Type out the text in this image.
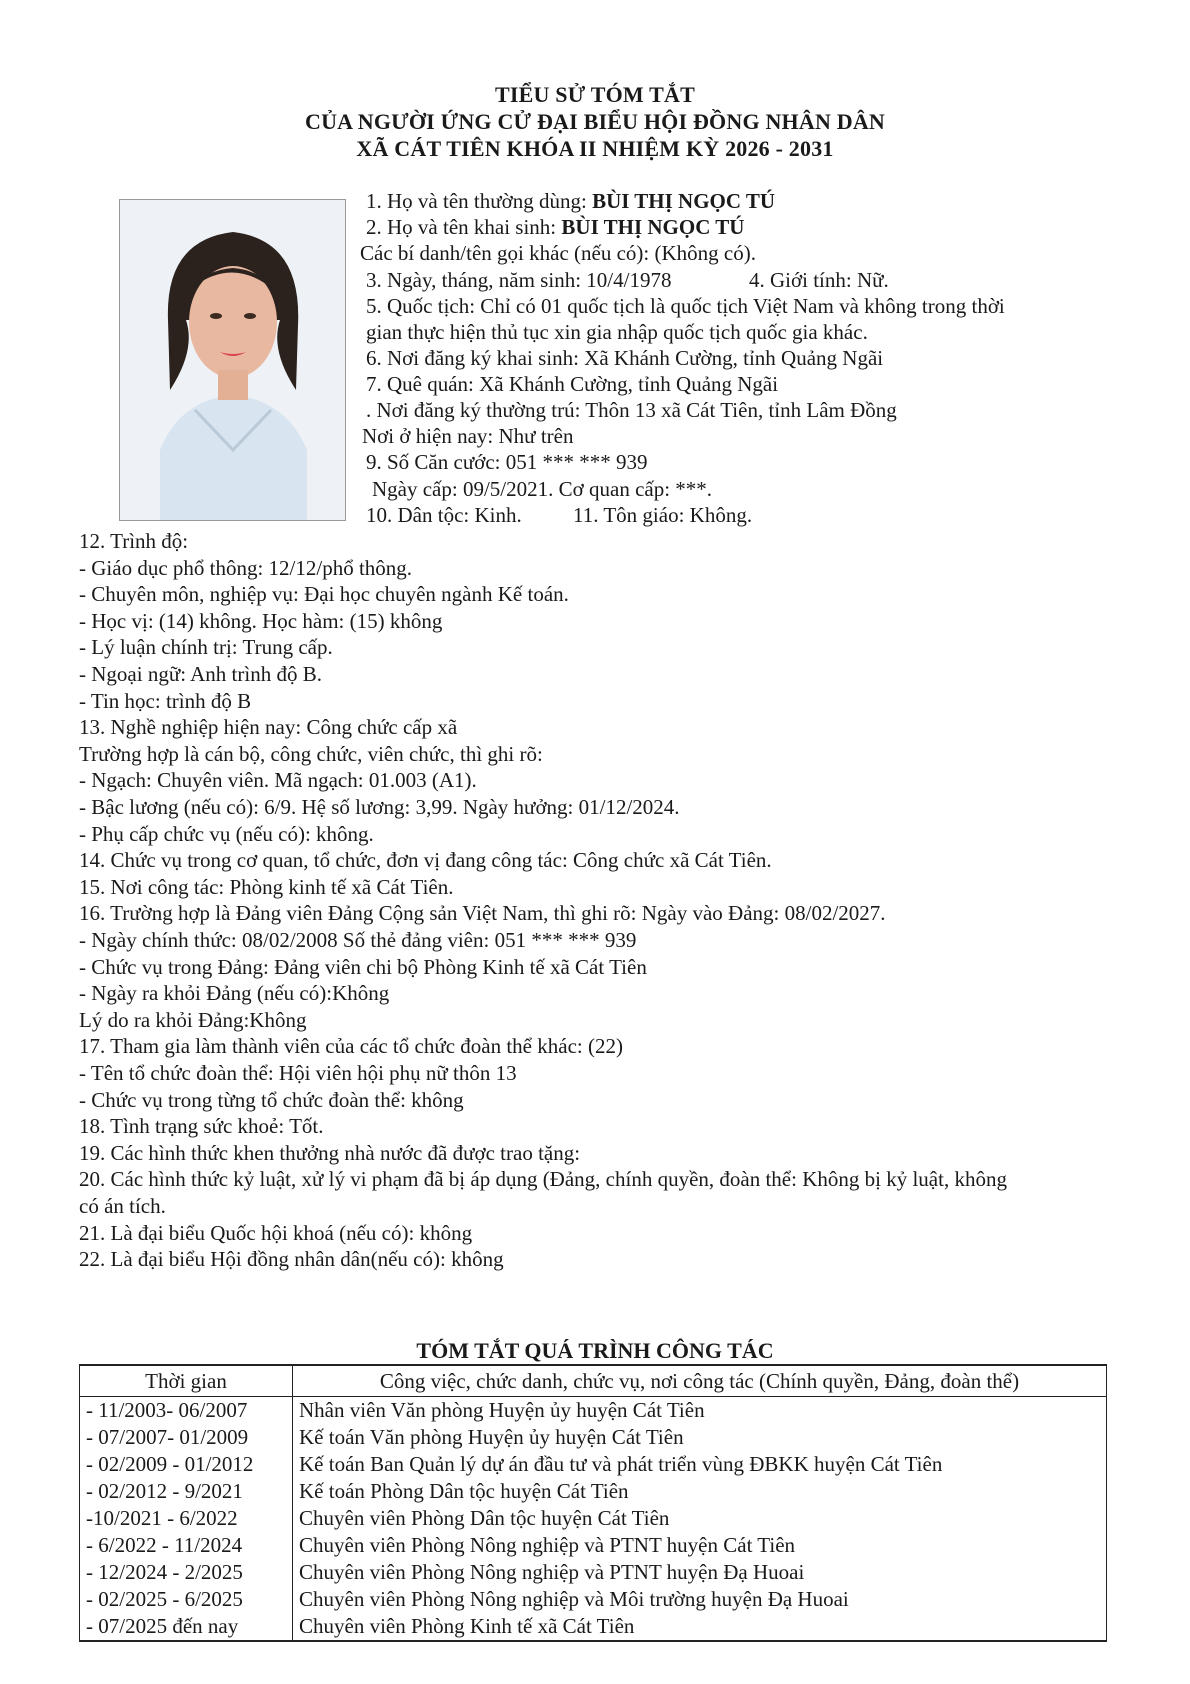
TIỂU SỬ TÓM TẮT
CỦA NGƯỜI ỨNG CỬ ĐẠI BIỂU HỘI ĐỒNG NHÂN DÂN
XÃ CÁT TIÊN KHÓA II NHIỆM KỲ 2026 - 2031
1. Họ và tên thường dùng: BÙI THỊ NGỌC TÚ
2. Họ và tên khai sinh: BÙI THỊ NGỌC TÚ
Các bí danh/tên gọi khác (nếu có): (Không có).
3. Ngày, tháng, năm sinh: 10/4/1978	4. Giới tính: Nữ.
5. Quốc tịch: Chỉ có 01 quốc tịch là quốc tịch Việt Nam và không trong thời
gian thực hiện thủ tục xin gia nhập quốc tịch quốc gia khác.
6. Nơi đăng ký khai sinh: Xã Khánh Cường, tỉnh Quảng Ngãi
7. Quê quán: Xã Khánh Cường, tỉnh Quảng Ngãi
. Nơi đăng ký thường trú: Thôn 13 xã Cát Tiên, tỉnh Lâm Đồng
Nơi ở hiện nay: Như trên
9. Số Căn cước: 051 *** *** 939
Ngày cấp: 09/5/2021. Cơ quan cấp: ***.
10. Dân tộc: Kinh. 11. Tôn giáo: Không.
12. Trình độ:
- Giáo dục phổ thông: 12/12/phổ thông.
- Chuyên môn, nghiệp vụ: Đại học chuyên ngành Kế toán.
- Học vị: (14) không. Học hàm: (15) không
- Lý luận chính trị: Trung cấp.
- Ngoại ngữ: Anh trình độ B.
- Tin học: trình độ B
13. Nghề nghiệp hiện nay: Công chức cấp xã
Trường hợp là cán bộ, công chức, viên chức, thì ghi rõ:
- Ngạch: Chuyên viên. Mã ngạch: 01.003 (A1).
- Bậc lương (nếu có): 6/9. Hệ số lương: 3,99. Ngày hưởng: 01/12/2024.
- Phụ cấp chức vụ (nếu có): không.
14. Chức vụ trong cơ quan, tổ chức, đơn vị đang công tác: Công chức xã Cát Tiên.
15. Nơi công tác: Phòng kinh tế xã Cát Tiên.
16. Trường hợp là Đảng viên Đảng Cộng sản Việt Nam, thì ghi rõ: Ngày vào Đảng: 08/02/2027.
- Ngày chính thức: 08/02/2008 Số thẻ đảng viên: 051 *** *** 939
- Chức vụ trong Đảng: Đảng viên chi bộ Phòng Kinh tế xã Cát Tiên
- Ngày ra khỏi Đảng (nếu có):Không
Lý do ra khỏi Đảng:Không
17. Tham gia làm thành viên của các tổ chức đoàn thể khác: (22)
- Tên tổ chức đoàn thể: Hội viên hội phụ nữ thôn 13
- Chức vụ trong từng tổ chức đoàn thể: không
18. Tình trạng sức khoẻ: Tốt.
19. Các hình thức khen thưởng nhà nước đã được trao tặng:
20. Các hình thức kỷ luật, xử lý vi phạm đã bị áp dụng (Đảng, chính quyền, đoàn thể: Không bị kỷ luật, không
có án tích.
21. Là đại biểu Quốc hội khoá (nếu có): không
22. Là đại biểu Hội đồng nhân dân(nếu có): không
TÓM TẮT QUÁ TRÌNH CÔNG TÁC
Thời gian	Công việc, chức danh, chức vụ, nơi công tác (Chính quyền, Đảng, đoàn thể)
- 11/2003- 06/2007	Nhân viên Văn phòng Huyện ủy huyện Cát Tiên
- 07/2007- 01/2009	Kế toán Văn phòng Huyện ủy huyện Cát Tiên
- 02/2009 - 01/2012	Kế toán Ban Quản lý dự án đầu tư và phát triển vùng ĐBKK huyện Cát Tiên
- 02/2012 - 9/2021	Kế toán Phòng Dân tộc huyện Cát Tiên
-10/2021 - 6/2022	Chuyên viên Phòng Dân tộc huyện Cát Tiên
- 6/2022 - 11/2024	Chuyên viên Phòng Nông nghiệp và PTNT huyện Cát Tiên
- 12/2024 - 2/2025	Chuyên viên Phòng Nông nghiệp và PTNT huyện Đạ Huoai
- 02/2025 - 6/2025	Chuyên viên Phòng Nông nghiệp và Môi trường huyện Đạ Huoai
- 07/2025 đến nay	Chuyên viên Phòng Kinh tế xã Cát Tiên
